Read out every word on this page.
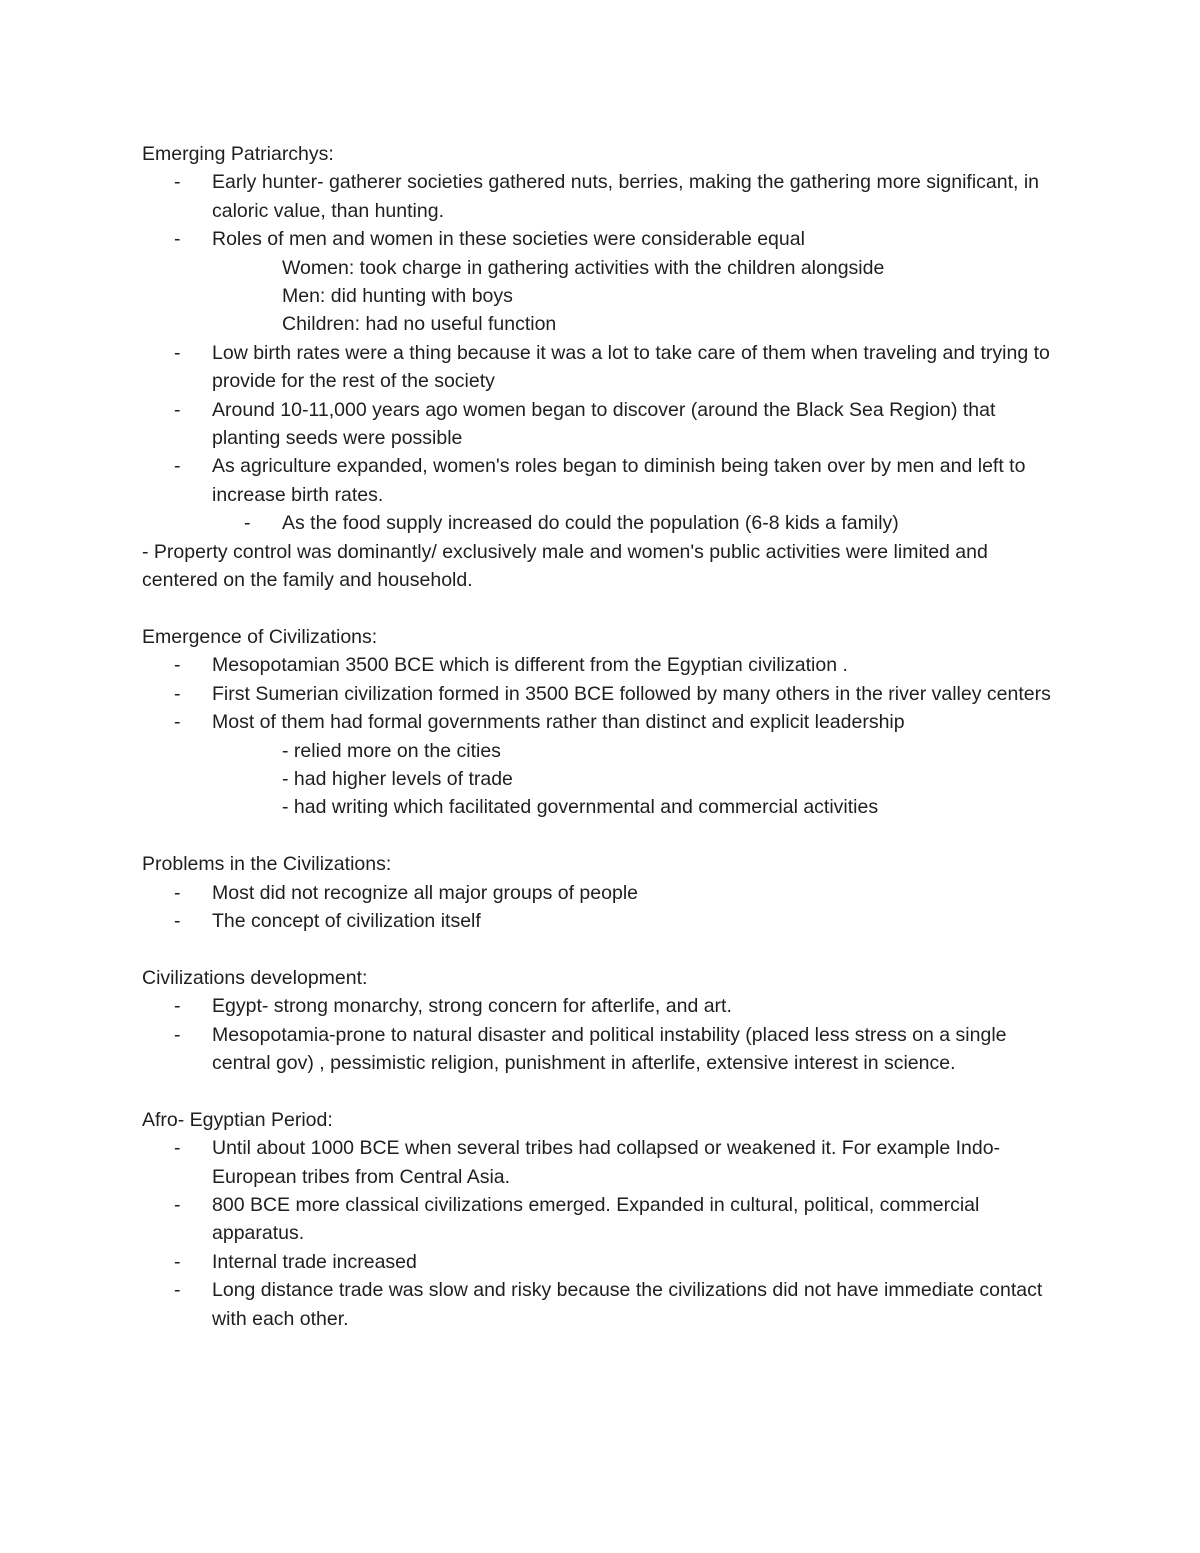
Emerging Patriarchys:

- Early hunter- gatherer societies gathered nuts, berries, making the gathering more significant, in caloric value, than hunting.
- Roles of men and women in these societies were considerable equal
Women: took charge in gathering activities with the children alongside
Men: did hunting with boys
Children: had no useful function
- Low birth rates were a thing because it was a lot to take care of them when traveling and trying to provide for the rest of the society
- Around 10-11,000 years ago women began to discover (around the Black Sea Region) that planting seeds were possible
- As agriculture expanded, women's roles began to diminish being taken over by men and left to increase birth rates.
- As the food supply increased do could the population (6-8 kids a family)

- Property control was dominantly/ exclusively male and women's public activities were limited and centered on the family and household.

Emergence of Civilizations:

- Mesopotamian 3500 BCE which is different from the Egyptian civilization .
- First Sumerian civilization formed in 3500 BCE followed by many others in the river valley centers
- Most of them had formal governments rather than distinct and explicit leadership
- relied more on the cities
- had higher levels of trade
- had writing which facilitated governmental and commercial activities

Problems in the Civilizations:

- Most did not recognize all major groups of people
- The concept of civilization itself

Civilizations development:

- Egypt- strong monarchy, strong concern for afterlife, and art.
- Mesopotamia-prone to natural disaster and political instability (placed less stress on a single central gov) , pessimistic religion, punishment in afterlife, extensive interest in science.

Afro- Egyptian Period:

- Until about 1000 BCE when several tribes had collapsed or weakened it. For example Indo- European tribes from Central Asia.
- 800 BCE more classical civilizations emerged. Expanded in cultural, political, commercial apparatus.
- Internal trade increased
- Long distance trade was slow and risky because the civilizations did not have immediate contact with each other.
